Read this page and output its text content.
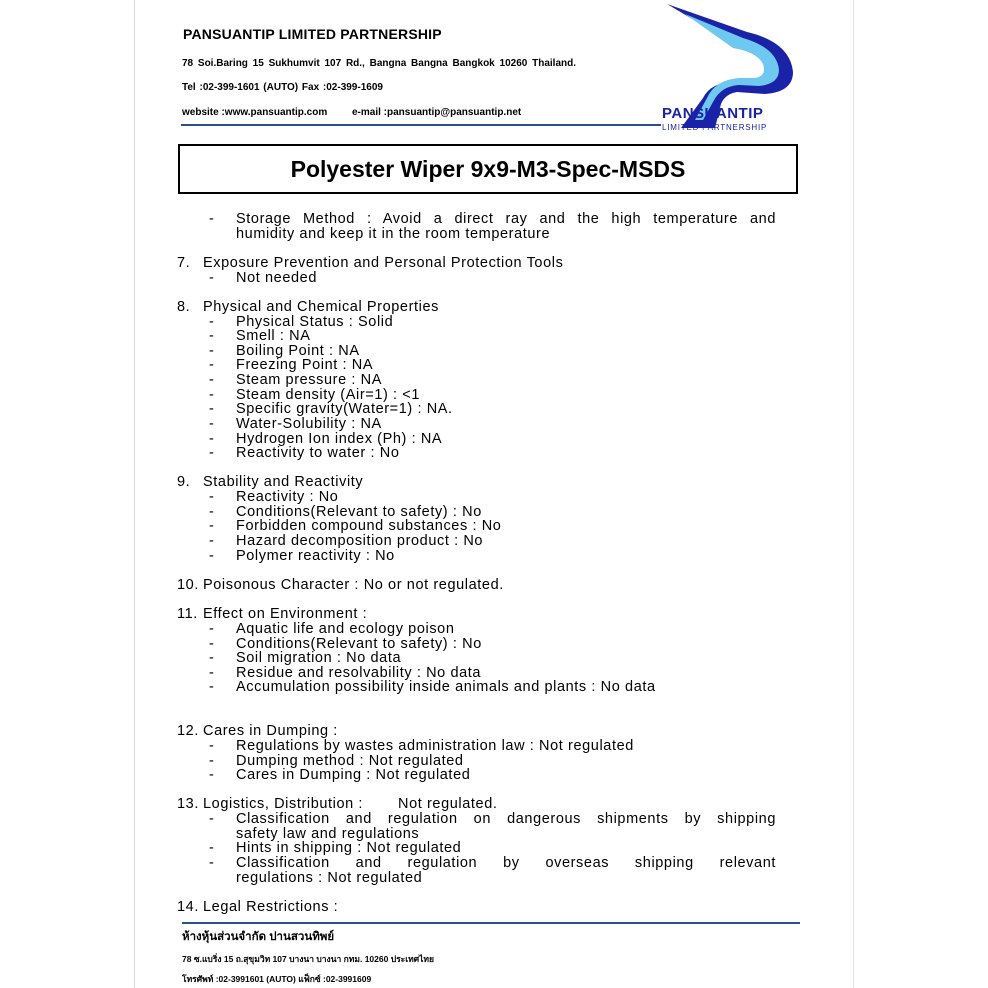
PANSUANTIP LIMITED PARTNERSHIP
78 Soi.Baring 15 Sukhumvit 107 Rd., Bangna Bangna Bangkok 10260 Thailand.
Tel :02-399-1601 (AUTO) Fax :02-399-1609
website :www.pansuantip.com e-mail :pansuantip@pansuantip.net	PANSUANTIP
LIMITED PARTNERSHIP
Polyester Wiper 9x9-M3-Spec-MSDS
- Storage Method : Avoid a direct ray and the high temperature and
humidity and keep it in the room temperature
7. Exposure Prevention and Personal Protection Tools
- Not needed
8. Physical and Chemical Properties
- Physical Status : Solid
- Smell : NA
- Boiling Point : NA
- Freezing Point : NA
- Steam pressure : NA
- Steam density (Air=1) : <1
- Specific gravity(Water=1) : NA.
- Water-Solubility : NA
- Hydrogen Ion index (Ph) : NA
- Reactivity to water : No
9. Stability and Reactivity
- Reactivity : No
- Conditions(Relevant to safety) : No
- Forbidden compound substances : No
- Hazard decomposition product : No
- Polymer reactivity : No
10. Poisonous Character : No or not regulated.
11. Effect on Environment :
- Aquatic life and ecology poison
- Conditions(Relevant to safety) : No
- Soil migration : No data
- Residue and resolvability : No data
- Accumulation possibility inside animals and plants : No data
12. Cares in Dumping :
- Regulations by wastes administration law : Not regulated
- Dumping method : Not regulated
- Cares in Dumping : Not regulated
13. Logistics, Distribution : Not regulated.
- Classification and regulation on dangerous shipments by shipping
safety law and regulations
- Hints in shipping : Not regulated
- Classification and regulation by overseas shipping relevant
regulations : Not regulated
14. Legal Restrictions :
ห้างหุ้นส่วนจำกัด ปานสวนทิพย์
78 ซ.แบริ่ง 15 ถ.สุขุมวิท 107 บางนา บางนา กทม. 10260 ประเทศไทย
โทรศัพท์ :02-3991601 (AUTO) แฟ็กซ์ :02-3991609
